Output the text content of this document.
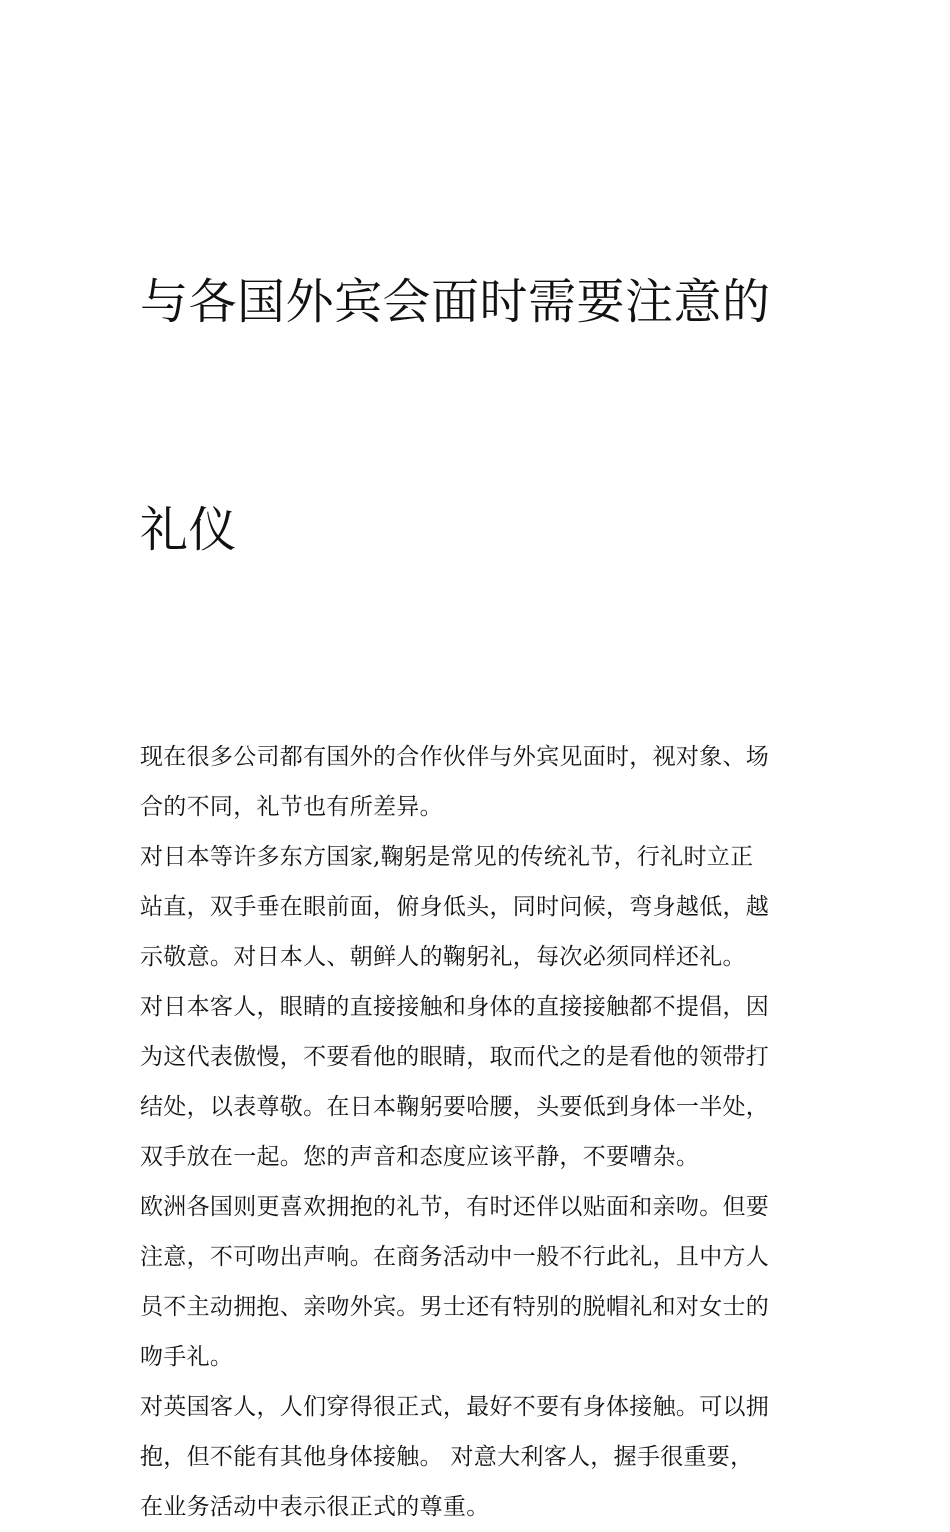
与各国外宾会面时需要注意的

礼仪

现在很多公司都有国外的合作伙伴与外宾见面时，视对象、场
合的不同，礼节也有所差异。

对日本等许多东方国家,鞠躬是常见的传统礼节，行礼时立正
站直，双手垂在眼前面，俯身低头，同时问候，弯身越低，越
示敬意。对日本人、朝鲜人的鞠躬礼，每次必须同样还礼。

对日本客人，眼睛的直接接触和身体的直接接触都不提倡，因
为这代表傲慢，不要看他的眼睛，取而代之的是看他的领带打
结处，以表尊敬。在日本鞠躬要哈腰，头要低到身体一半处，
双手放在一起。您的声音和态度应该平静，不要嘈杂。

欧洲各国则更喜欢拥抱的礼节，有时还伴以贴面和亲吻。但要
注意，不可吻出声响。在商务活动中一般不行此礼，且中方人
员不主动拥抱、亲吻外宾。男士还有特别的脱帽礼和对女士的
吻手礼。

对英国客人，人们穿得很正式，最好不要有身体接触。可以拥
抱，但不能有其他身体接触。 对意大利客人，握手很重要，
在业务活动中表示很正式的尊重。
